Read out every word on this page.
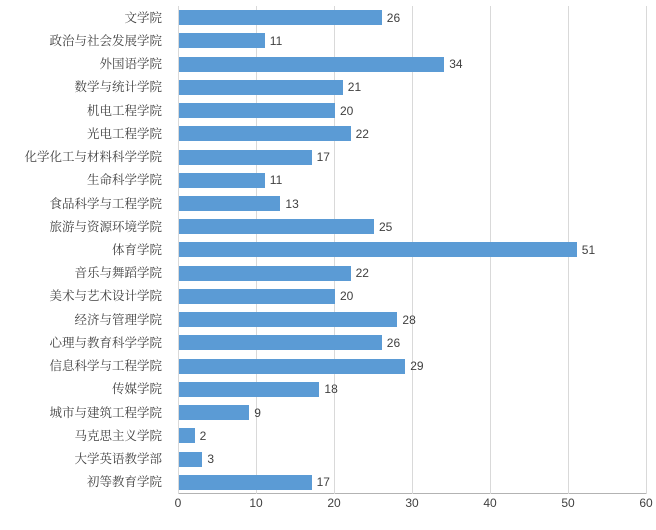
文学院	26
政治与社会发展学院	11
外国语学院	34
数学与统计学院	21
机电工程学院	20
光电工程学院	22
化学化工与材料科学学院	17
生命科学学院	11
食品科学与工程学院	13
旅游与资源环境学院	25
体育学院	51
音乐与舞蹈学院	22
美术与艺术设计学院	20
经济与管理学院	28
心理与教育科学学院	26
信息科学与工程学院	29
传媒学院	18
城市与建筑工程学院	9
马克思主义学院	2
大学英语教学部	3
初等教育学院	17
0	10	20	30	40	50	60
